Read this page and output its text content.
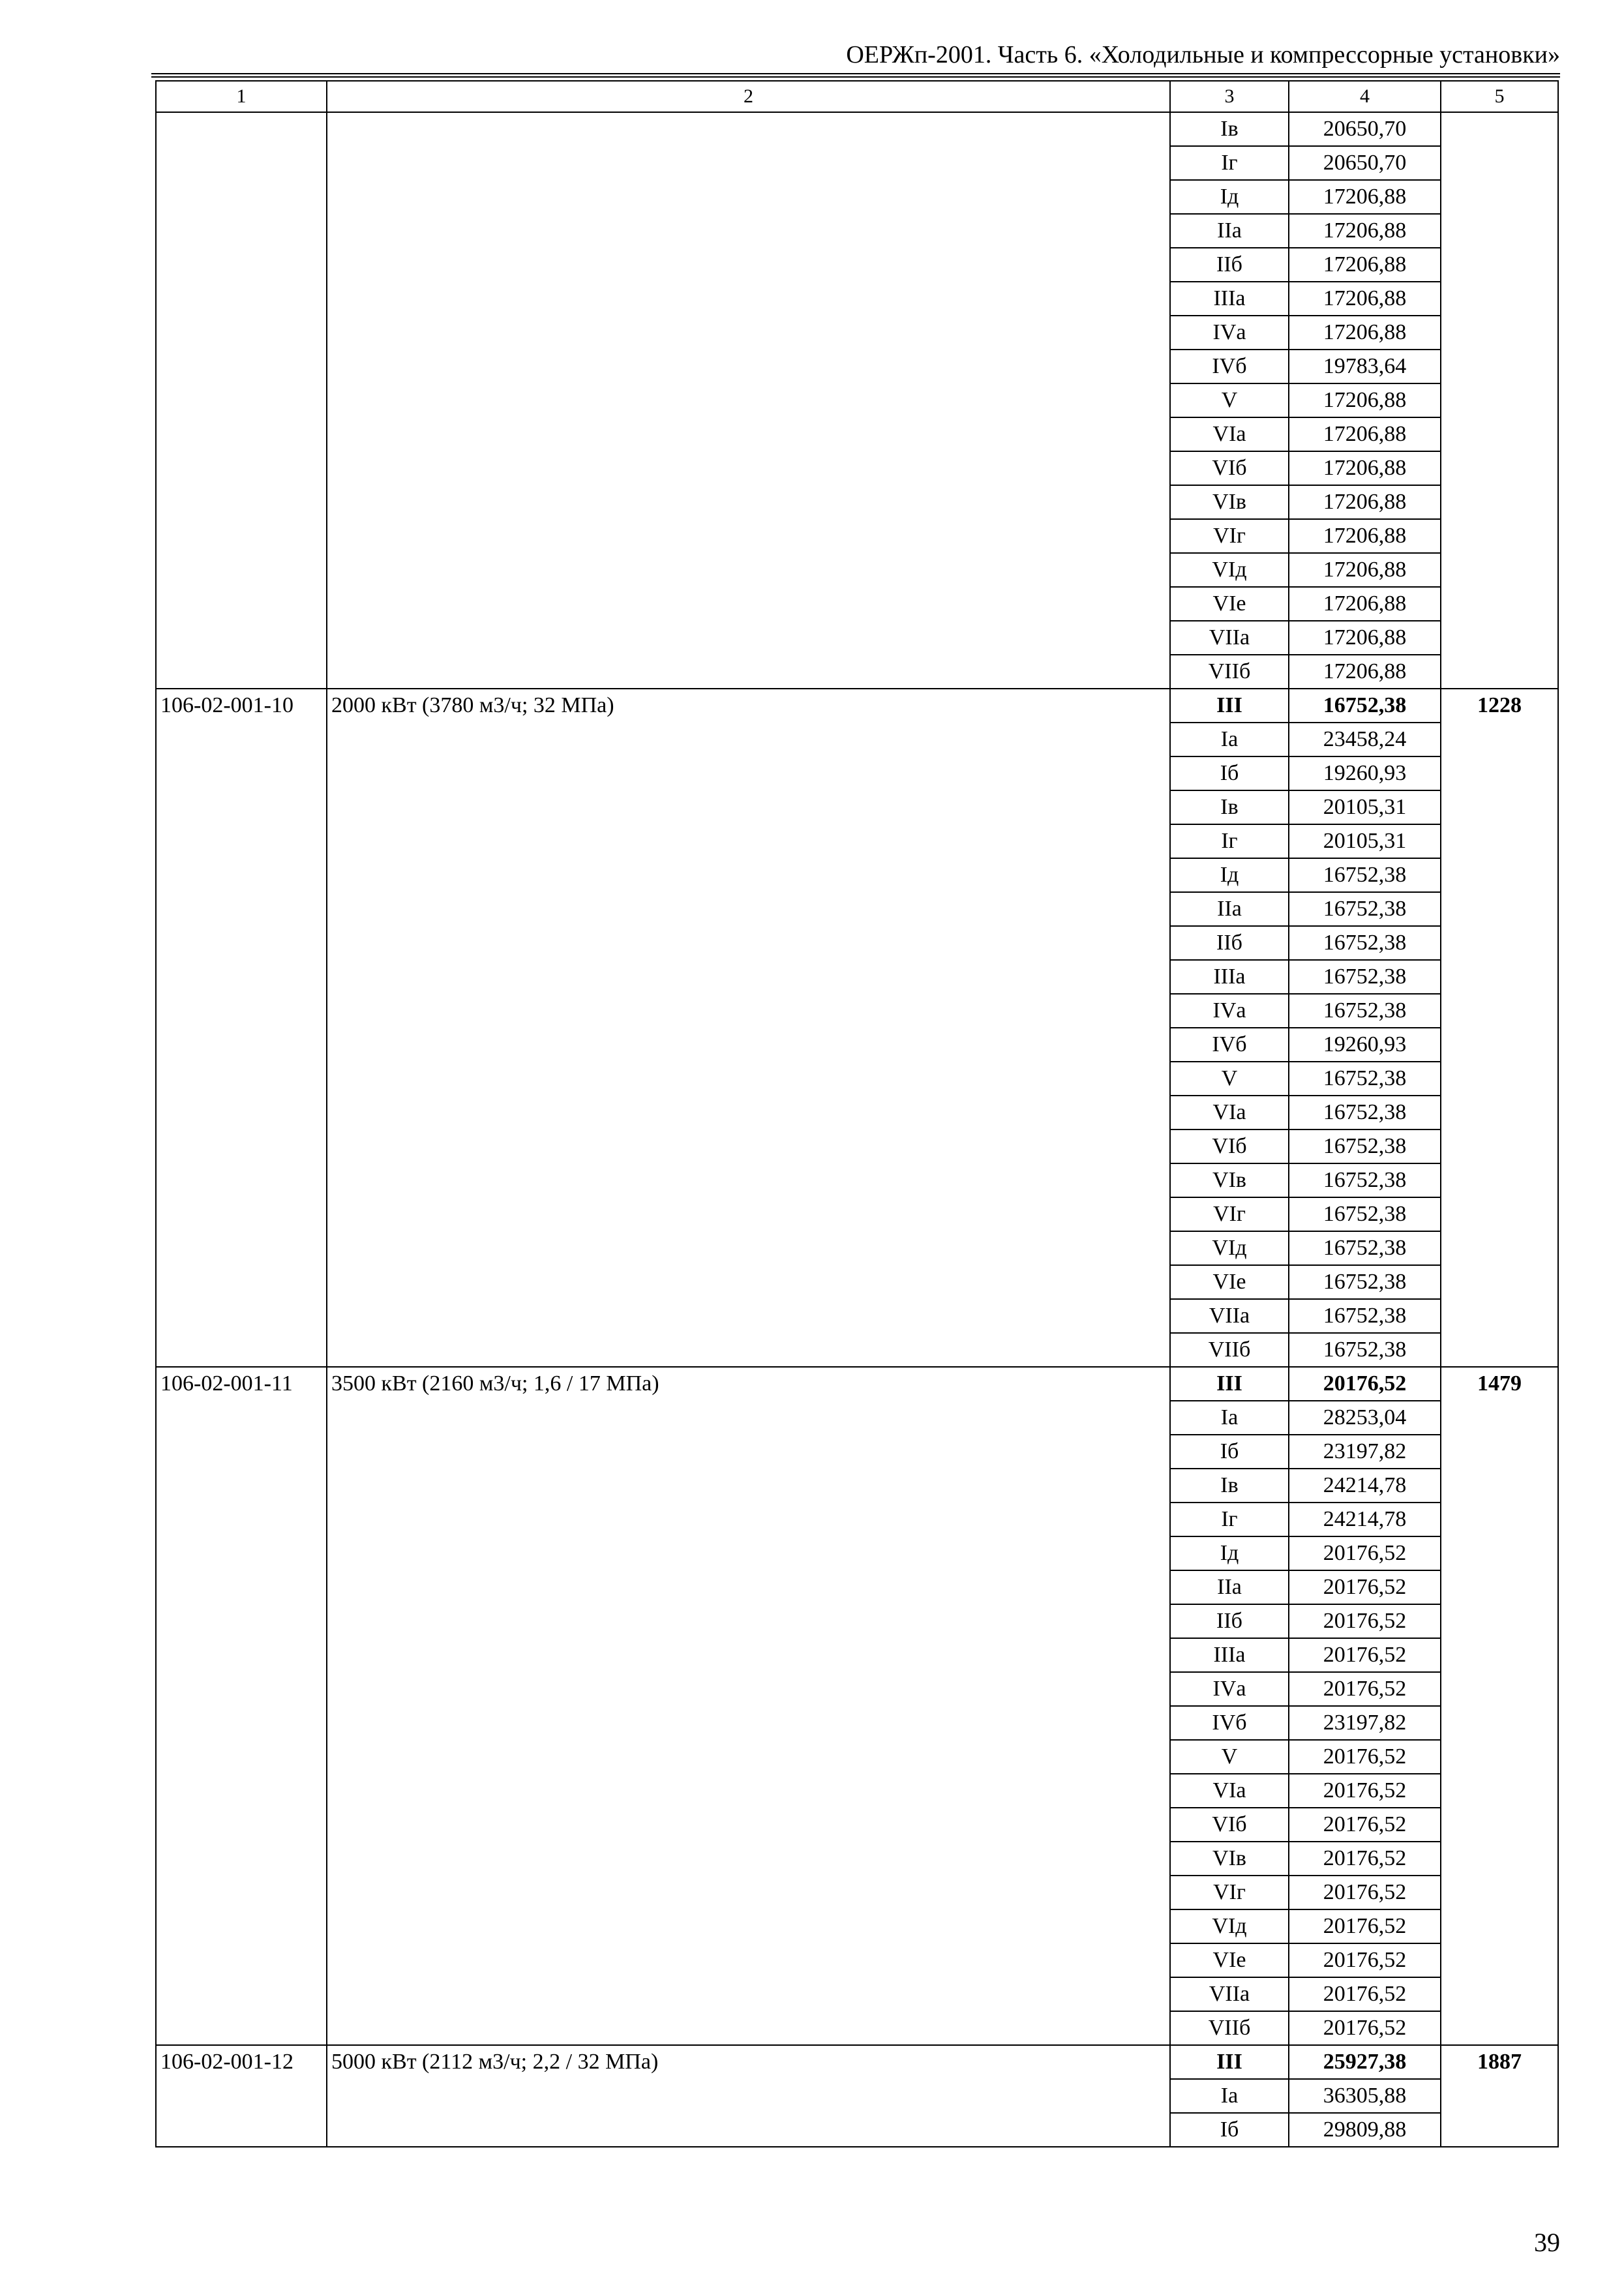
ОЕРЖп-2001. Часть 6. «Холодильные и компрессорные установки»
1	2	3	4	5
		Iв	20650,70	
		Iг	20650,70	
		Iд	17206,88	
		IIа	17206,88	
		IIб	17206,88	
		IIIа	17206,88	
		IVа	17206,88	
		IVб	19783,64	
		V	17206,88	
		VIа	17206,88	
		VIб	17206,88	
		VIв	17206,88	
		VIг	17206,88	
		VIд	17206,88	
		VIе	17206,88	
		VIIа	17206,88	
		VIIб	17206,88	
106-02-001-10	2000 кВт (3780 м3/ч; 32 МПа)	III	16752,38	1228
		Iа	23458,24	
		Iб	19260,93	
		Iв	20105,31	
		Iг	20105,31	
		Iд	16752,38	
		IIа	16752,38	
		IIб	16752,38	
		IIIа	16752,38	
		IVа	16752,38	
		IVб	19260,93	
		V	16752,38	
		VIа	16752,38	
		VIб	16752,38	
		VIв	16752,38	
		VIг	16752,38	
		VIд	16752,38	
		VIе	16752,38	
		VIIа	16752,38	
		VIIб	16752,38	
106-02-001-11	3500 кВт (2160 м3/ч; 1,6 / 17 МПа)	III	20176,52	1479
		Iа	28253,04	
		Iб	23197,82	
		Iв	24214,78	
		Iг	24214,78	
		Iд	20176,52	
		IIа	20176,52	
		IIб	20176,52	
		IIIа	20176,52	
		IVа	20176,52	
		IVб	23197,82	
		V	20176,52	
		VIа	20176,52	
		VIб	20176,52	
		VIв	20176,52	
		VIг	20176,52	
		VIд	20176,52	
		VIе	20176,52	
		VIIа	20176,52	
		VIIб	20176,52	
106-02-001-12	5000 кВт (2112 м3/ч; 2,2 / 32 МПа)	III	25927,38	1887
		Iа	36305,88	
		Iб	29809,88	
39
